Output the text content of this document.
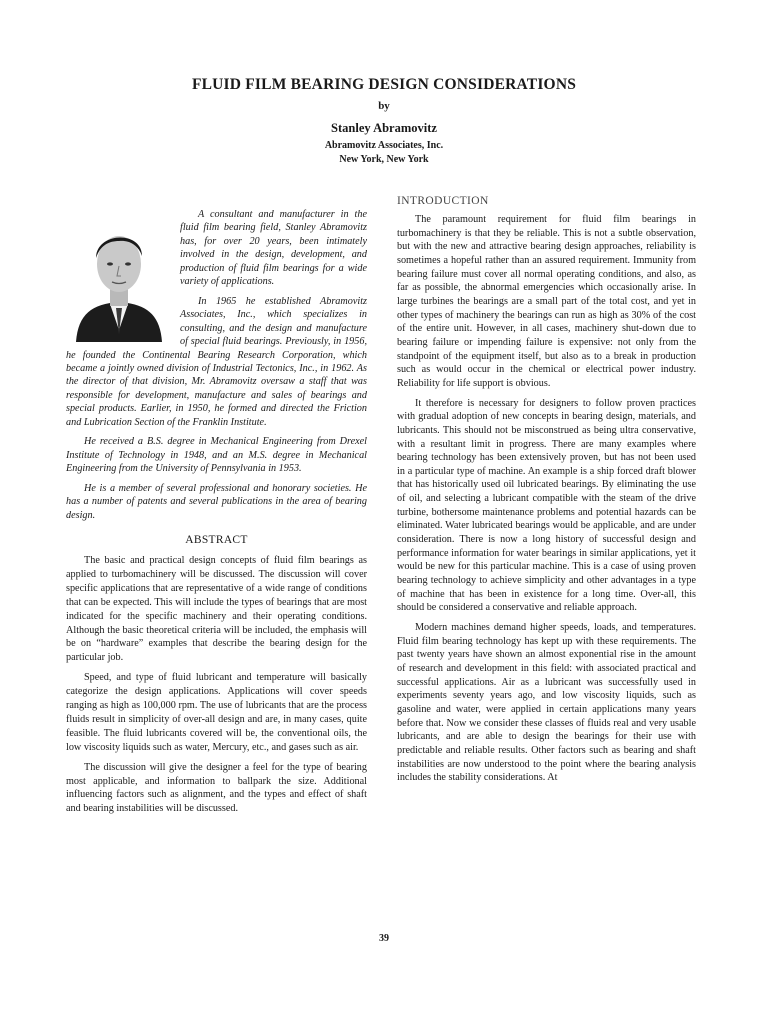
FLUID FILM BEARING DESIGN CONSIDERATIONS
by
Stanley Abramovitz
Abramovitz Associates, Inc.
New York, New York

A consultant and manufacturer in the fluid film bearing field, Stanley Abramovitz has, for over 20 years, been intimately involved in the design, development, and production of fluid film bearings for a wide variety of applications.

In 1965 he established Abramovitz Associates, Inc., which specializes in consulting, and the design and manufacture of special fluid bearings. Previously, in 1956, he founded the Continental Bearing Research Corporation, which became a jointly owned division of Industrial Tectonics, Inc., in 1962. As the director of that division, Mr. Abramovitz oversaw a staff that was responsible for development, manufacture and sales of bearings and special products. Earlier, in 1950, he formed and directed the Friction and Lubrication Section of the Franklin Institute.

He received a B.S. degree in Mechanical Engineering from Drexel Institute of Technology in 1948, and an M.S. degree in Mechanical Engineering from the University of Pennsylvania in 1953.

He is a member of several professional and honorary societies. He has a number of patents and several publications in the area of bearing design.

ABSTRACT

The basic and practical design concepts of fluid film bearings as applied to turbomachinery will be discussed. The discussion will cover specific applications that are representative of a wide range of conditions that can be expected. This will include the types of bearings that are most indicated for the specific machinery and their operating conditions. Although the basic theoretical criteria will be included, the emphasis will be on “hardware” examples that describe the bearing design for the particular job.

Speed, and type of fluid lubricant and temperature will basically categorize the design applications. Applications will cover speeds ranging as high as 100,000 rpm. The use of lubricants that are the process fluids result in simplicity of over-all design and are, in many cases, quite feasible. The fluid lubricants covered will be, the conventional oils, the low viscosity liquids such as water, Mercury, etc., and gases such as air.

The discussion will give the designer a feel for the type of bearing most applicable, and information to ballpark the size. Additional influencing factors such as alignment, and the types and effect of shaft and bearing instabilities will be discussed.

INTRODUCTION

The paramount requirement for fluid film bearings in turbomachinery is that they be reliable. This is not a subtle observation, but with the new and attractive bearing design approaches, reliability is sometimes a hopeful rather than an assured requirement. Immunity from bearing failure must cover all normal operating conditions, and also, as far as possible, the abnormal emergencies which occasionally arise. In large turbines the bearings are a small part of the total cost, and yet in other types of machinery the bearings can run as high as 30% of the cost of the entire unit. However, in all cases, machinery shut-down due to bearing failure or impending failure is expensive: not only from the standpoint of the equipment itself, but also as to a break in production such as would occur in the chemical or electrical power industry. Reliability for life support is obvious.

It therefore is necessary for designers to follow proven practices with gradual adoption of new concepts in bearing design, materials, and lubricants. This should not be misconstrued as being ultra conservative, with a resultant limit in progress. There are many examples where bearing technology has been extensively proven, but has not been used in a particular type of machine. An example is a ship forced draft blower that has historically used oil lubricated bearings. By eliminating the use of oil, and selecting a lubricant compatible with the steam of the drive turbine, bothersome maintenance problems and potential hazards can be eliminated. Water lubricated bearings would be applicable, and are under consideration. There is now a long history of successful design and performance information for water bearings in similar applications, yet it would be new for this particular machine. This is a case of using proven bearing technology to achieve simplicity and other advantages in a type of machine that has been in existence for a long time. Over-all, this should be considered a conservative and reliable approach.

Modern machines demand higher speeds, loads, and temperatures. Fluid film bearing technology has kept up with these requirements. The past twenty years have shown an almost exponential rise in the amount of research and development in this field: with associated practical and successful applications. Air as a lubricant was successfully used in experiments seventy years ago, and low viscosity liquids, such as gasoline and water, were applied in certain applications many years before that. Now we consider these classes of fluids real and very usable lubricants, and are able to design the bearings for their use with predictable and reliable results. Other factors such as bearing and shaft instabilities are now understood to the point where the bearing analysis includes the stability considerations. At

39
